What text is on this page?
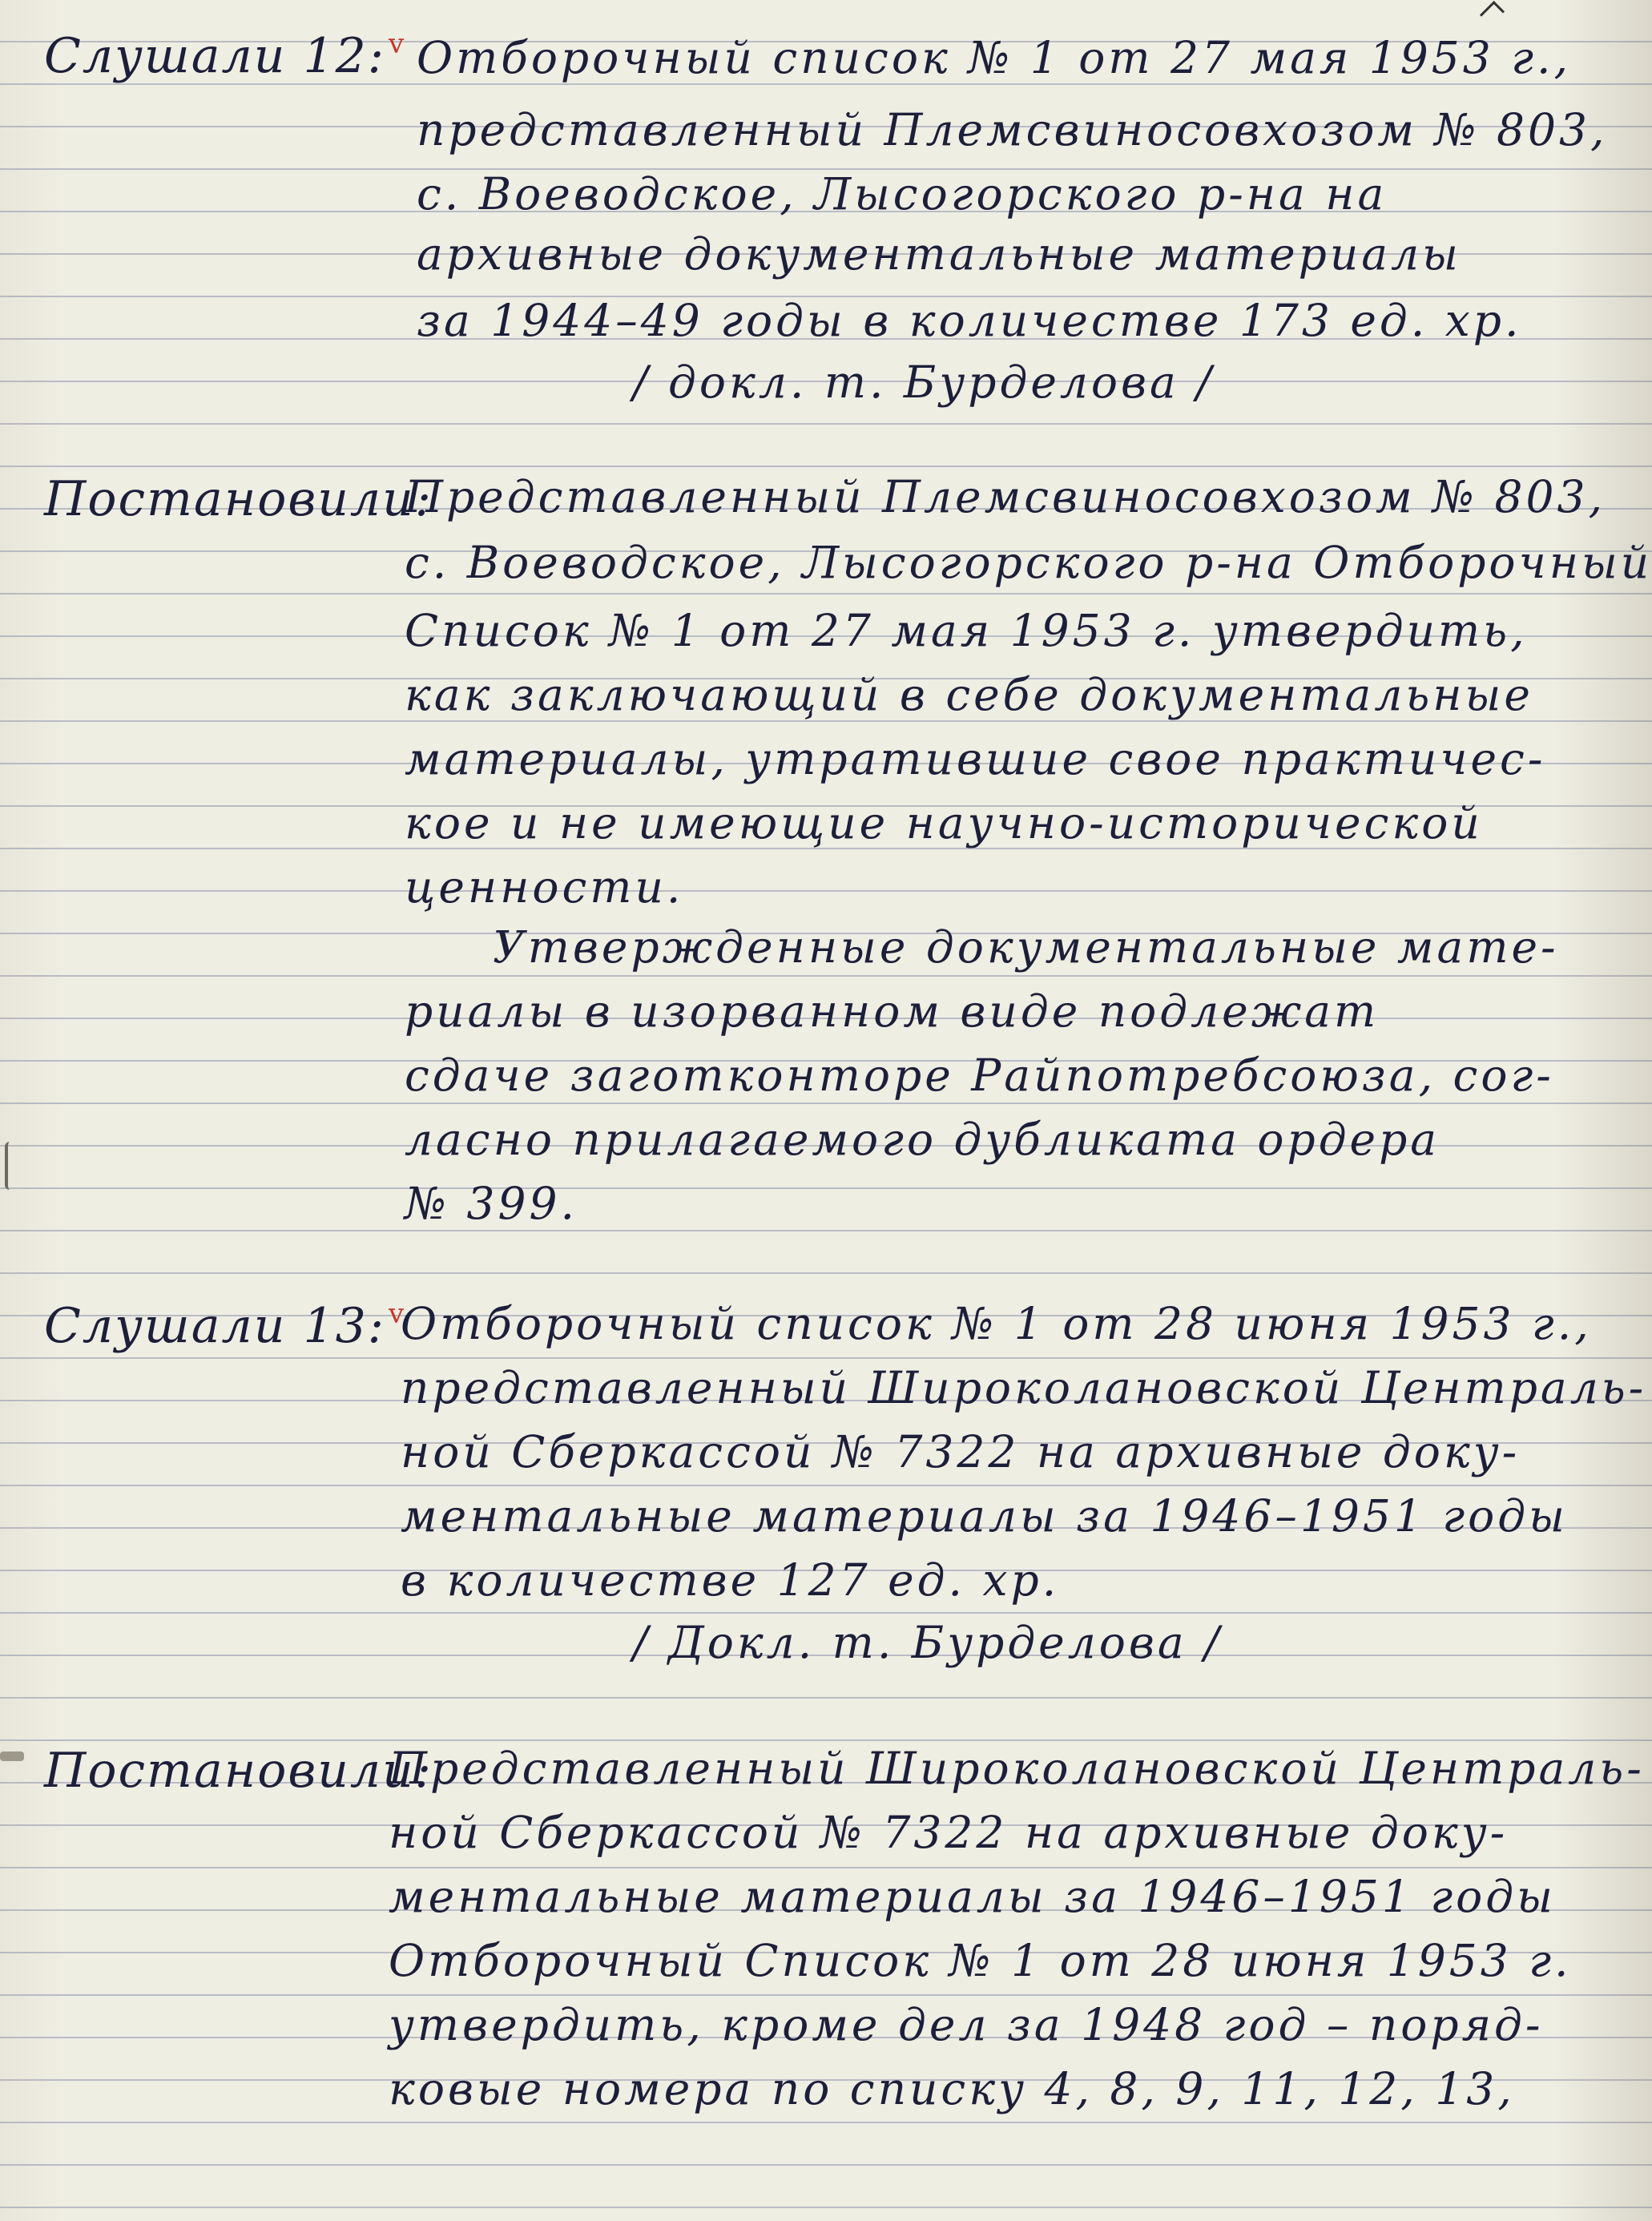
Слушали 12: $^v$ Отборочный список № 1 от 27 мая 1953 г.,
представленный Племсвиносовхозом № 803,
с. Воеводское, Лысогорского р-на на
архивные документальные материалы
за 1944–49 годы в количестве 173 ед. хр.
/ докл. т. Бурделова /
Постановили:
Представленный Племсвиносовхозом № 803,
с. Воеводское, Лысогорского р-на Отборочный
Список № 1 от 27 мая 1953 г. утвердить,
как заключающий в себе документальные
материалы, утратившие свое практичес-
кое и не имеющие научно-исторической
ценности.
Утвержденные документальные мате-
риалы в изорванном виде подлежат
сдаче заготконторе Райпотребсоюза, сог-
ласно прилагаемого дубликата ордера
№ 399.
Слушали 13: $^v$
Отборочный список № 1 от 28 июня 1953 г.,
представленный Широколановской Централь-
ной Сберкассой № 7322 на архивные доку-
ментальные материалы за 1946–1951 годы
в количестве 127 ед. хр.
/ Докл. т. Бурделова /
Постановили:
Представленный Широколановской Централь-
ной Сберкассой № 7322 на архивные доку-
ментальные материалы за 1946–1951 годы
Отборочный Список № 1 от 28 июня 1953 г.
утвердить, кроме дел за 1948 год – поряд-
ковые номера по списку 4, 8, 9, 11, 12, 13,
